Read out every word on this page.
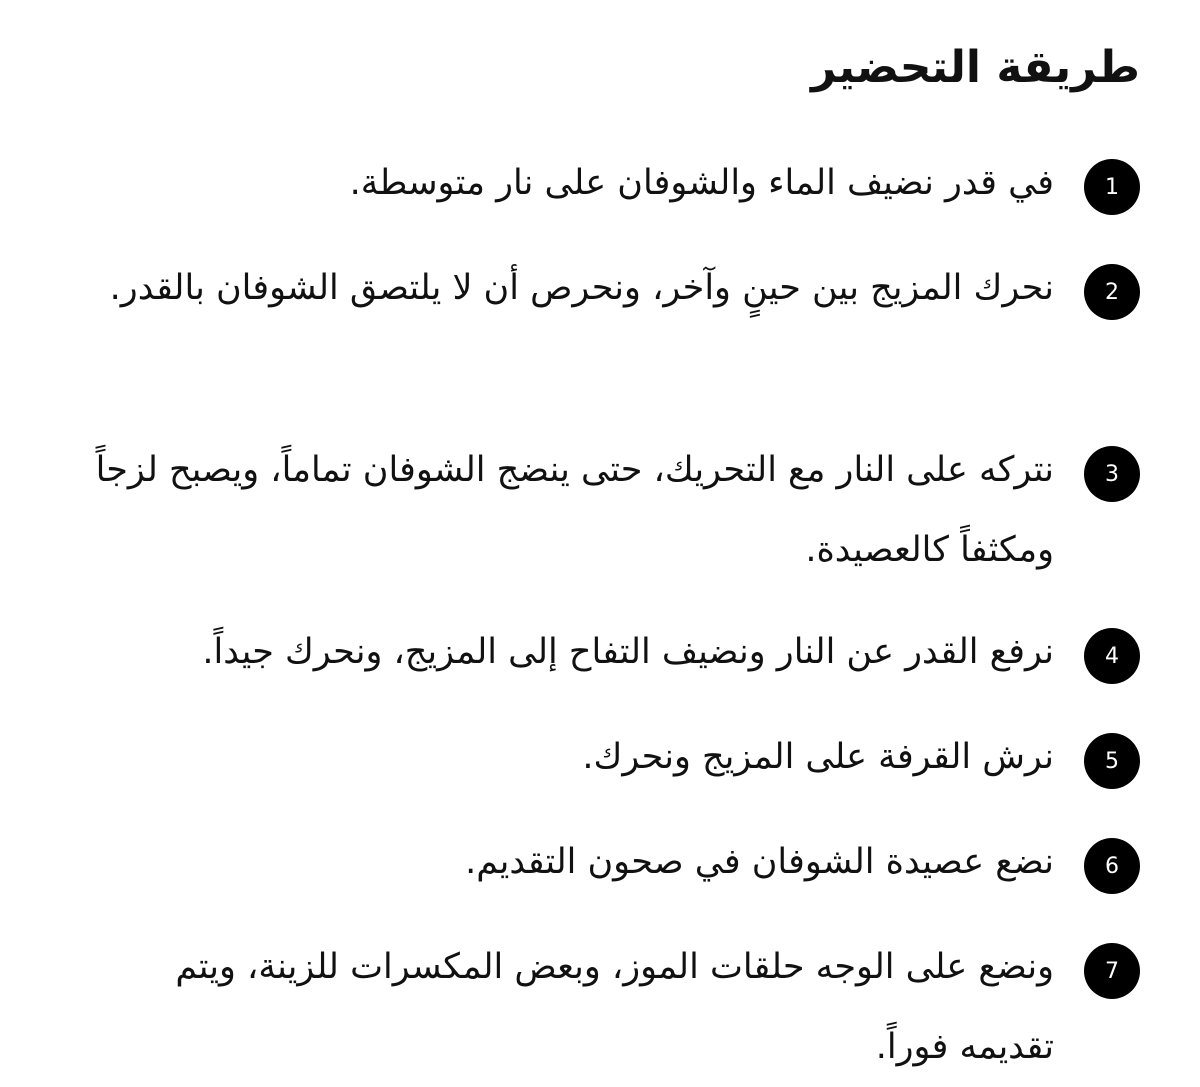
طريقة التحضير
1
في قدر نضيف الماء والشوفان على نار متوسطة.
2
نحرك المزيج بين حينٍ وآخر، ونحرص أن لا يلتصق الشوفان بالقدر.
3
نتركه على النار مع التحريك، حتى ينضج الشوفان تماماً، ويصبح لزجاً ومكثفاً كالعصيدة.
4
نرفع القدر عن النار ونضيف التفاح إلى المزيج، ونحرك جيداً.
5
نرش القرفة على المزيج ونحرك.
6
نضع عصيدة الشوفان في صحون التقديم.
7
ونضع على الوجه حلقات الموز، وبعض المكسرات للزينة، ويتم تقديمه فوراً.
